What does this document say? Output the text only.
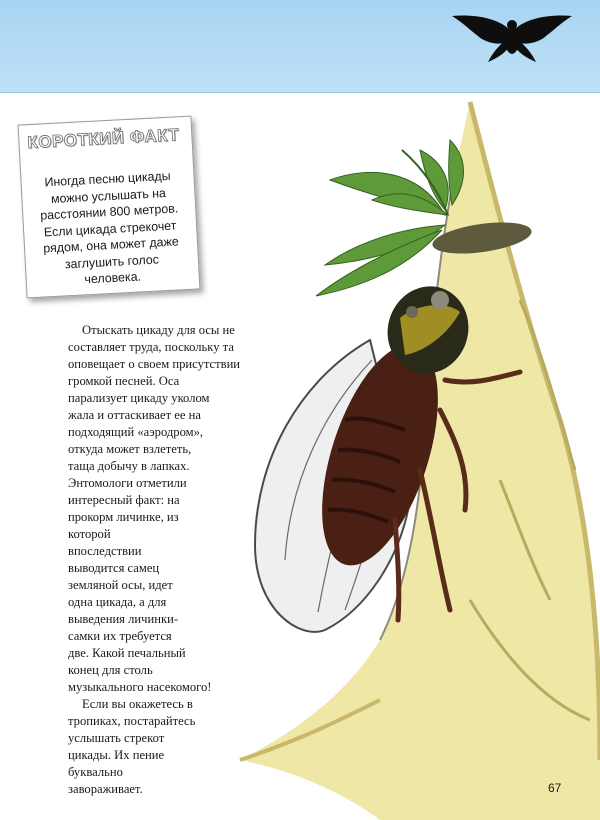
КОРОТКИЙ ФАКТ

Иногда песню цикады
можно услышать на
расстоянии 800 метров.
Если цикада стрекочет
рядом, она может даже
заглушить голос человека.

Отыскать цикаду для осы не
составляет труда, поскольку та
оповещает о своем присутствии
громкой песней. Оса
парализует цикаду уколом
жала и оттаскивает ее на
подходящий «аэродром»,
откуда может взлететь,
таща добычу в лапках.
Энтомологи отметили
интересный факт: на
прокорм личинке, из
которой
впоследствии
выводится самец
земляной осы, идет
одна цикада, а для
выведения личинки-
самки их требуется
две. Какой печальный
конец для столь
музыкального насекомого!
Если вы окажетесь в
тропиках, постарайтесь
услышать стрекот
цикады. Их пение
буквально
завораживает.	67
